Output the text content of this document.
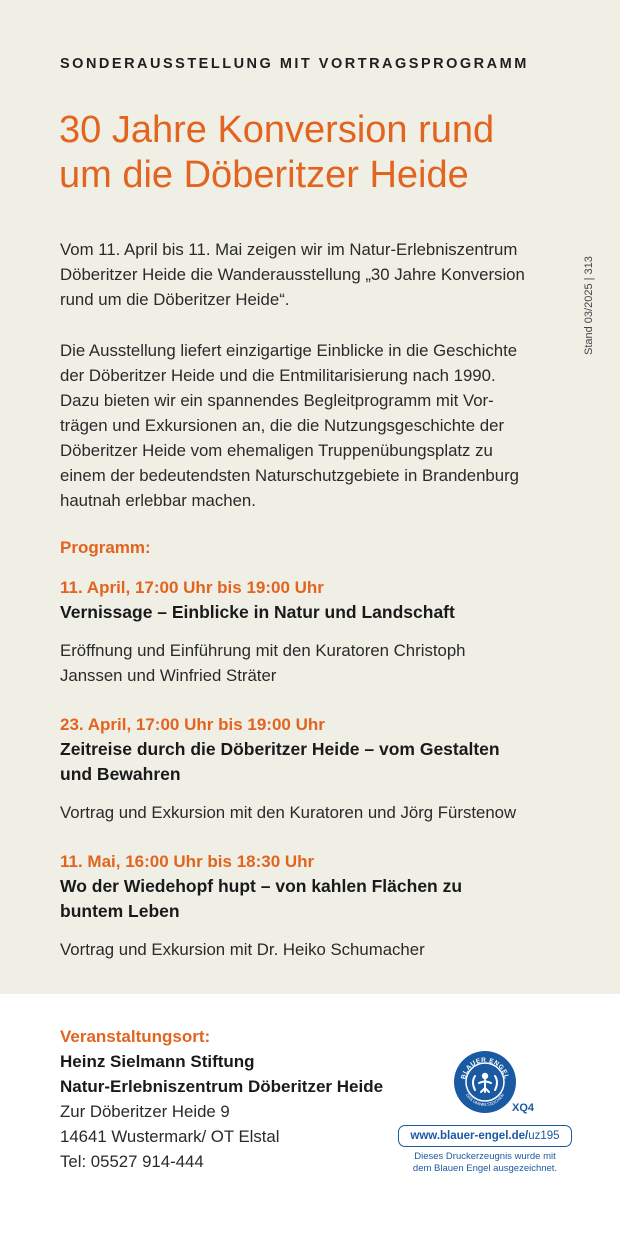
SONDERAUSSTELLUNG MIT VORTRAGSPROGRAMM
30 Jahre Konversion rund
um die Döberitzer Heide
Stand 03/2025 | 313
Vom 11. April bis 11. Mai zeigen wir im Natur-Erlebniszentrum
Döberitzer Heide die Wanderausstellung „30 Jahre Konversion
rund um die Döberitzer Heide“.
Die Ausstellung liefert einzigartige Einblicke in die Geschichte
der Döberitzer Heide und die Entmilitarisierung nach 1990.
Dazu bieten wir ein spannendes Begleitprogramm mit Vor-
trägen und Exkursionen an, die die Nutzungsgeschichte der
Döberitzer Heide vom ehemaligen Truppenübungsplatz zu
einem der bedeutendsten Naturschutzgebiete in Brandenburg
hautnah erlebbar machen.
Programm:
11. April, 17:00 Uhr bis 19:00 Uhr
Vernissage – Einblicke in Natur und Landschaft
Eröffnung und Einführung mit den Kuratoren Christoph
Janssen und Winfried Sträter
23. April, 17:00 Uhr bis 19:00 Uhr
Zeitreise durch die Döberitzer Heide – vom Gestalten
und Bewahren
Vortrag und Exkursion mit den Kuratoren und Jörg Fürstenow
11. Mai, 16:00 Uhr bis 18:30 Uhr
Wo der Wiedehopf hupt – von kahlen Flächen zu
buntem Leben
Vortrag und Exkursion mit Dr. Heiko Schumacher
Veranstaltungsort:
Heinz Sielmann Stiftung
Natur-Erlebniszentrum Döberitzer Heide
Zur Döberitzer Heide 9
14641 Wustermark/ OT Elstal
Tel: 05527 914-444
BLAUER ENGEL
DAS UMWELTZEICHEN
XQ4
www.blauer-engel.de/uz195
Dieses Druckerzeugnis wurde mit
dem Blauen Engel ausgezeichnet.
